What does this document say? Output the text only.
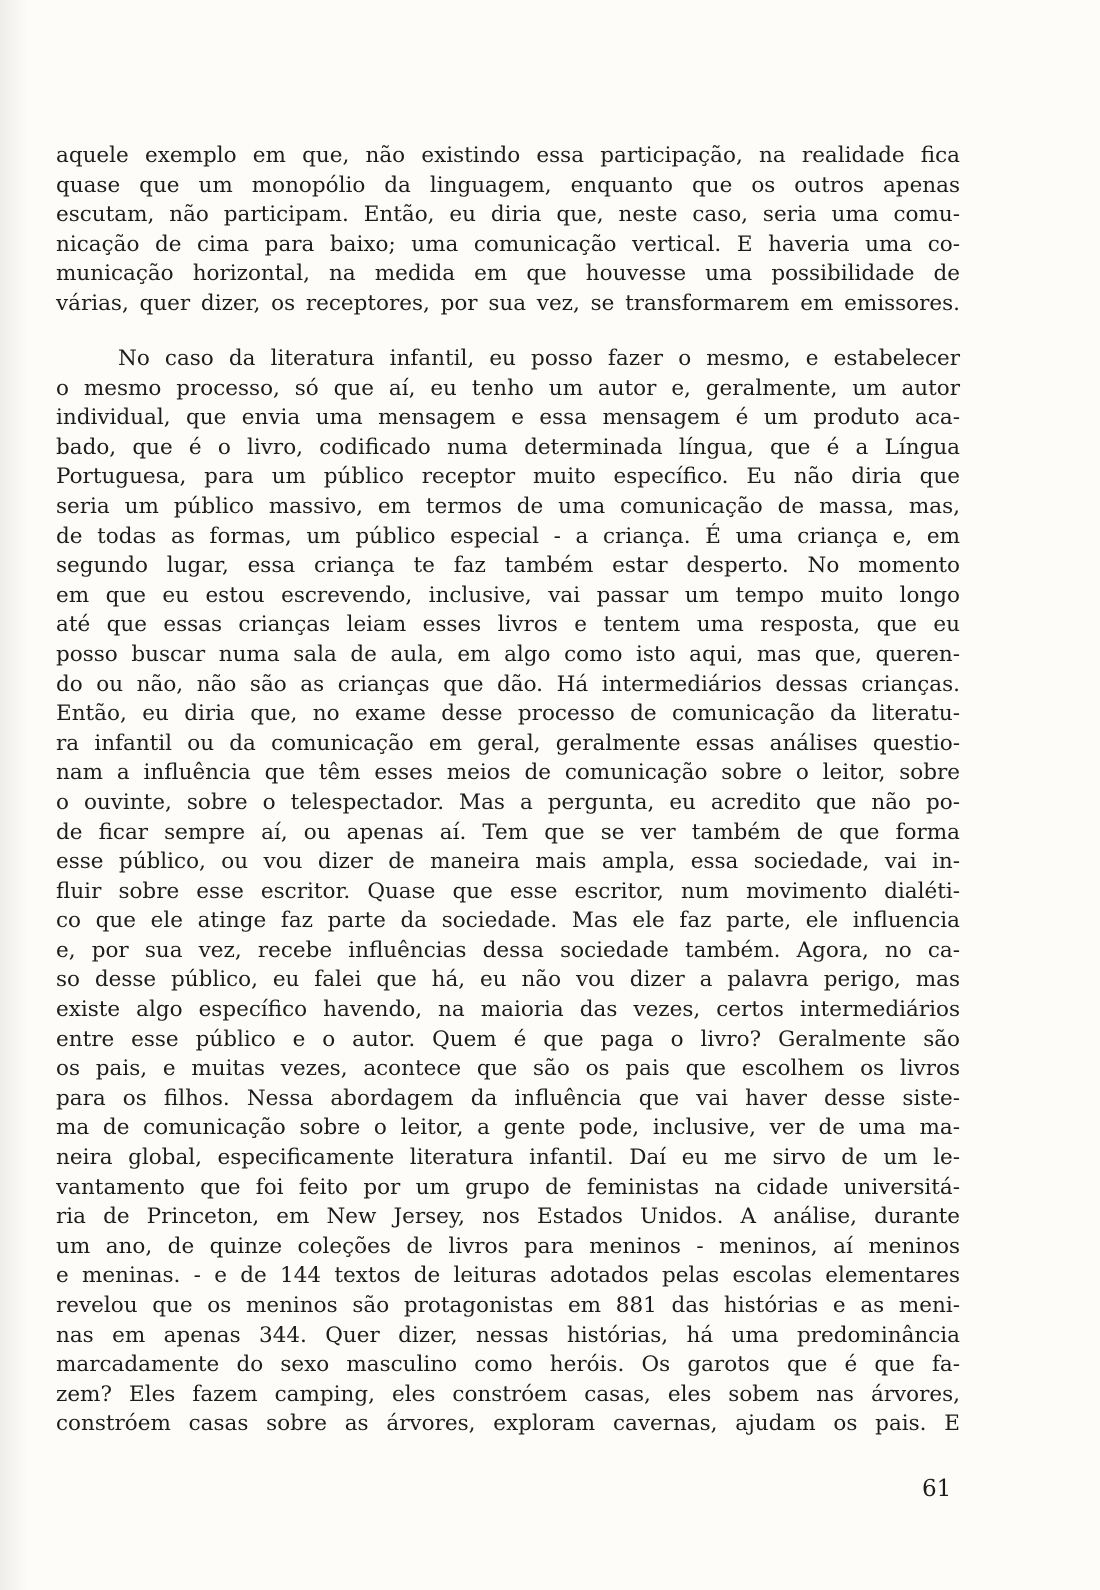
aquele exemplo em que, não existindo essa participação, na realidade fica
quase que um monopólio da linguagem, enquanto que os outros apenas
escutam, não participam. Então, eu diria que, neste caso, seria uma comu-
nicação de cima para baixo; uma comunicação vertical. E haveria uma co-
municação horizontal, na medida em que houvesse uma possibilidade de
várias, quer dizer, os receptores, por sua vez, se transformarem em emissores.

No caso da literatura infantil, eu posso fazer o mesmo, e estabelecer
o mesmo processo, só que aí, eu tenho um autor e, geralmente, um autor
individual, que envia uma mensagem e essa mensagem é um produto aca-
bado, que é o livro, codificado numa determinada língua, que é a Língua
Portuguesa, para um público receptor muito específico. Eu não diria que
seria um público massivo, em termos de uma comunicação de massa, mas,
de todas as formas, um público especial - a criança. É uma criança e, em
segundo lugar, essa criança te faz também estar desperto. No momento
em que eu estou escrevendo, inclusive, vai passar um tempo muito longo
até que essas crianças leiam esses livros e tentem uma resposta, que eu
posso buscar numa sala de aula, em algo como isto aqui, mas que, queren-
do ou não, não são as crianças que dão. Há intermediários dessas crianças.
Então, eu diria que, no exame desse processo de comunicação da literatu-
ra infantil ou da comunicação em geral, geralmente essas análises questio-
nam a influência que têm esses meios de comunicação sobre o leitor, sobre
o ouvinte, sobre o telespectador. Mas a pergunta, eu acredito que não po-
de ficar sempre aí, ou apenas aí. Tem que se ver também de que forma
esse público, ou vou dizer de maneira mais ampla, essa sociedade, vai in-
fluir sobre esse escritor. Quase que esse escritor, num movimento dialéti-
co que ele atinge faz parte da sociedade. Mas ele faz parte, ele influencia
e, por sua vez, recebe influências dessa sociedade também. Agora, no ca-
so desse público, eu falei que há, eu não vou dizer a palavra perigo, mas
existe algo específico havendo, na maioria das vezes, certos intermediários
entre esse público e o autor. Quem é que paga o livro? Geralmente são
os pais, e muitas vezes, acontece que são os pais que escolhem os livros
para os filhos. Nessa abordagem da influência que vai haver desse siste-
ma de comunicação sobre o leitor, a gente pode, inclusive, ver de uma ma-
neira global, especificamente literatura infantil. Daí eu me sirvo de um le-
vantamento que foi feito por um grupo de feministas na cidade universitá-
ria de Princeton, em New Jersey, nos Estados Unidos. A análise, durante
um ano, de quinze coleções de livros para meninos - meninos, aí meninos
e meninas. - e de 144 textos de leituras adotados pelas escolas elementares
revelou que os meninos são protagonistas em 881 das histórias e as meni-
nas em apenas 344. Quer dizer, nessas histórias, há uma predominância
marcadamente do sexo masculino como heróis. Os garotos que é que fa-
zem? Eles fazem camping, eles constróem casas, eles sobem nas árvores,
constróem casas sobre as árvores, exploram cavernas, ajudam os pais. E

61
